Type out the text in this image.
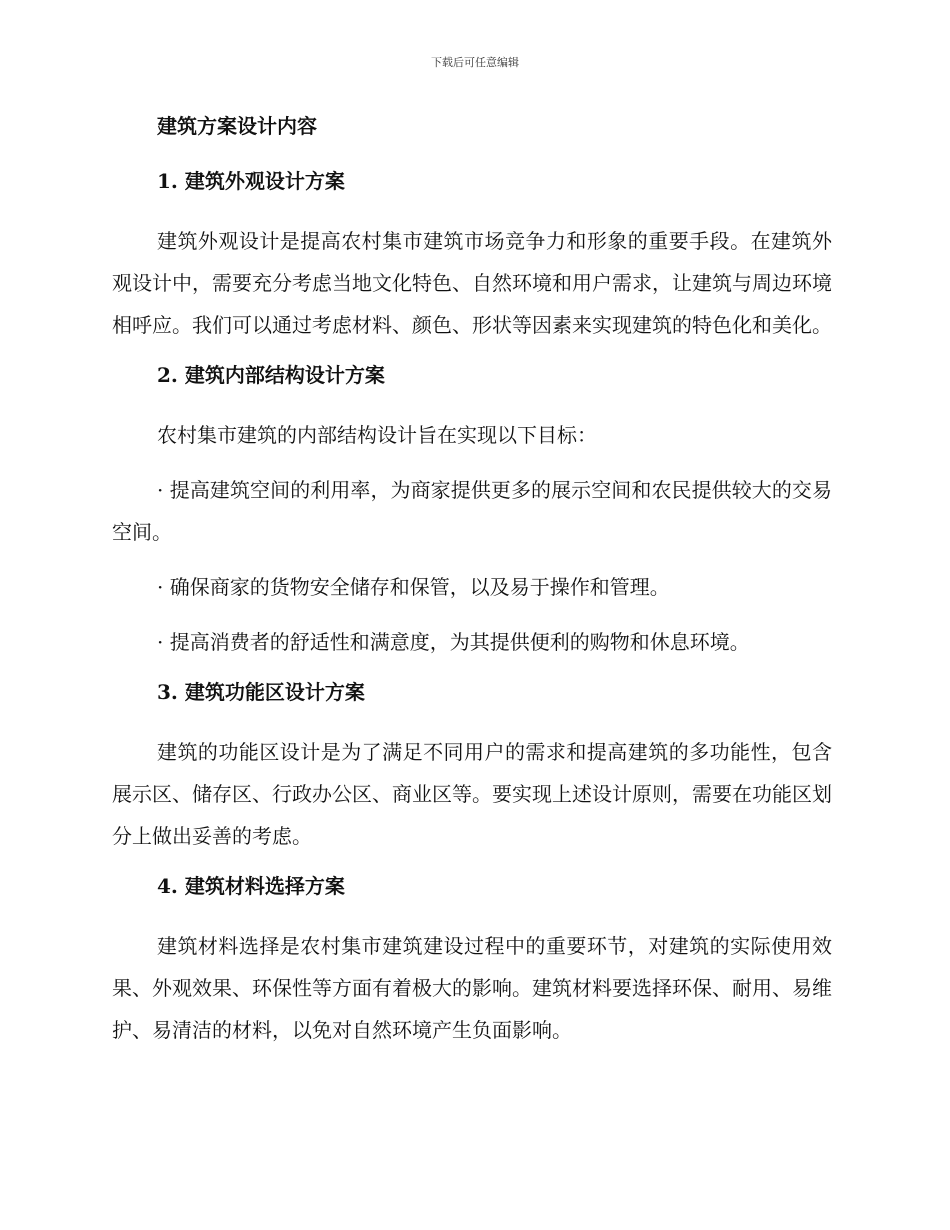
下载后可任意编辑

建筑方案设计内容

1. 建筑外观设计方案

建筑外观设计是提高农村集市建筑市场竞争力和形象的重要手段。在建筑外观设计中，需要充分考虑当地文化特色、自然环境和用户需求，让建筑与周边环境相呼应。我们可以通过考虑材料、颜色、形状等因素来实现建筑的特色化和美化。

2. 建筑内部结构设计方案

农村集市建筑的内部结构设计旨在实现以下目标：

· 提高建筑空间的利用率，为商家提供更多的展示空间和农民提供较大的交易空间。

· 确保商家的货物安全储存和保管，以及易于操作和管理。

· 提高消费者的舒适性和满意度，为其提供便利的购物和休息环境。

3. 建筑功能区设计方案

建筑的功能区设计是为了满足不同用户的需求和提高建筑的多功能性，包含展示区、储存区、行政办公区、商业区等。要实现上述设计原则，需要在功能区划分上做出妥善的考虑。

4. 建筑材料选择方案

建筑材料选择是农村集市建筑建设过程中的重要环节，对建筑的实际使用效果、外观效果、环保性等方面有着极大的影响。建筑材料要选择环保、耐用、易维护、易清洁的材料，以免对自然环境产生负面影响。
